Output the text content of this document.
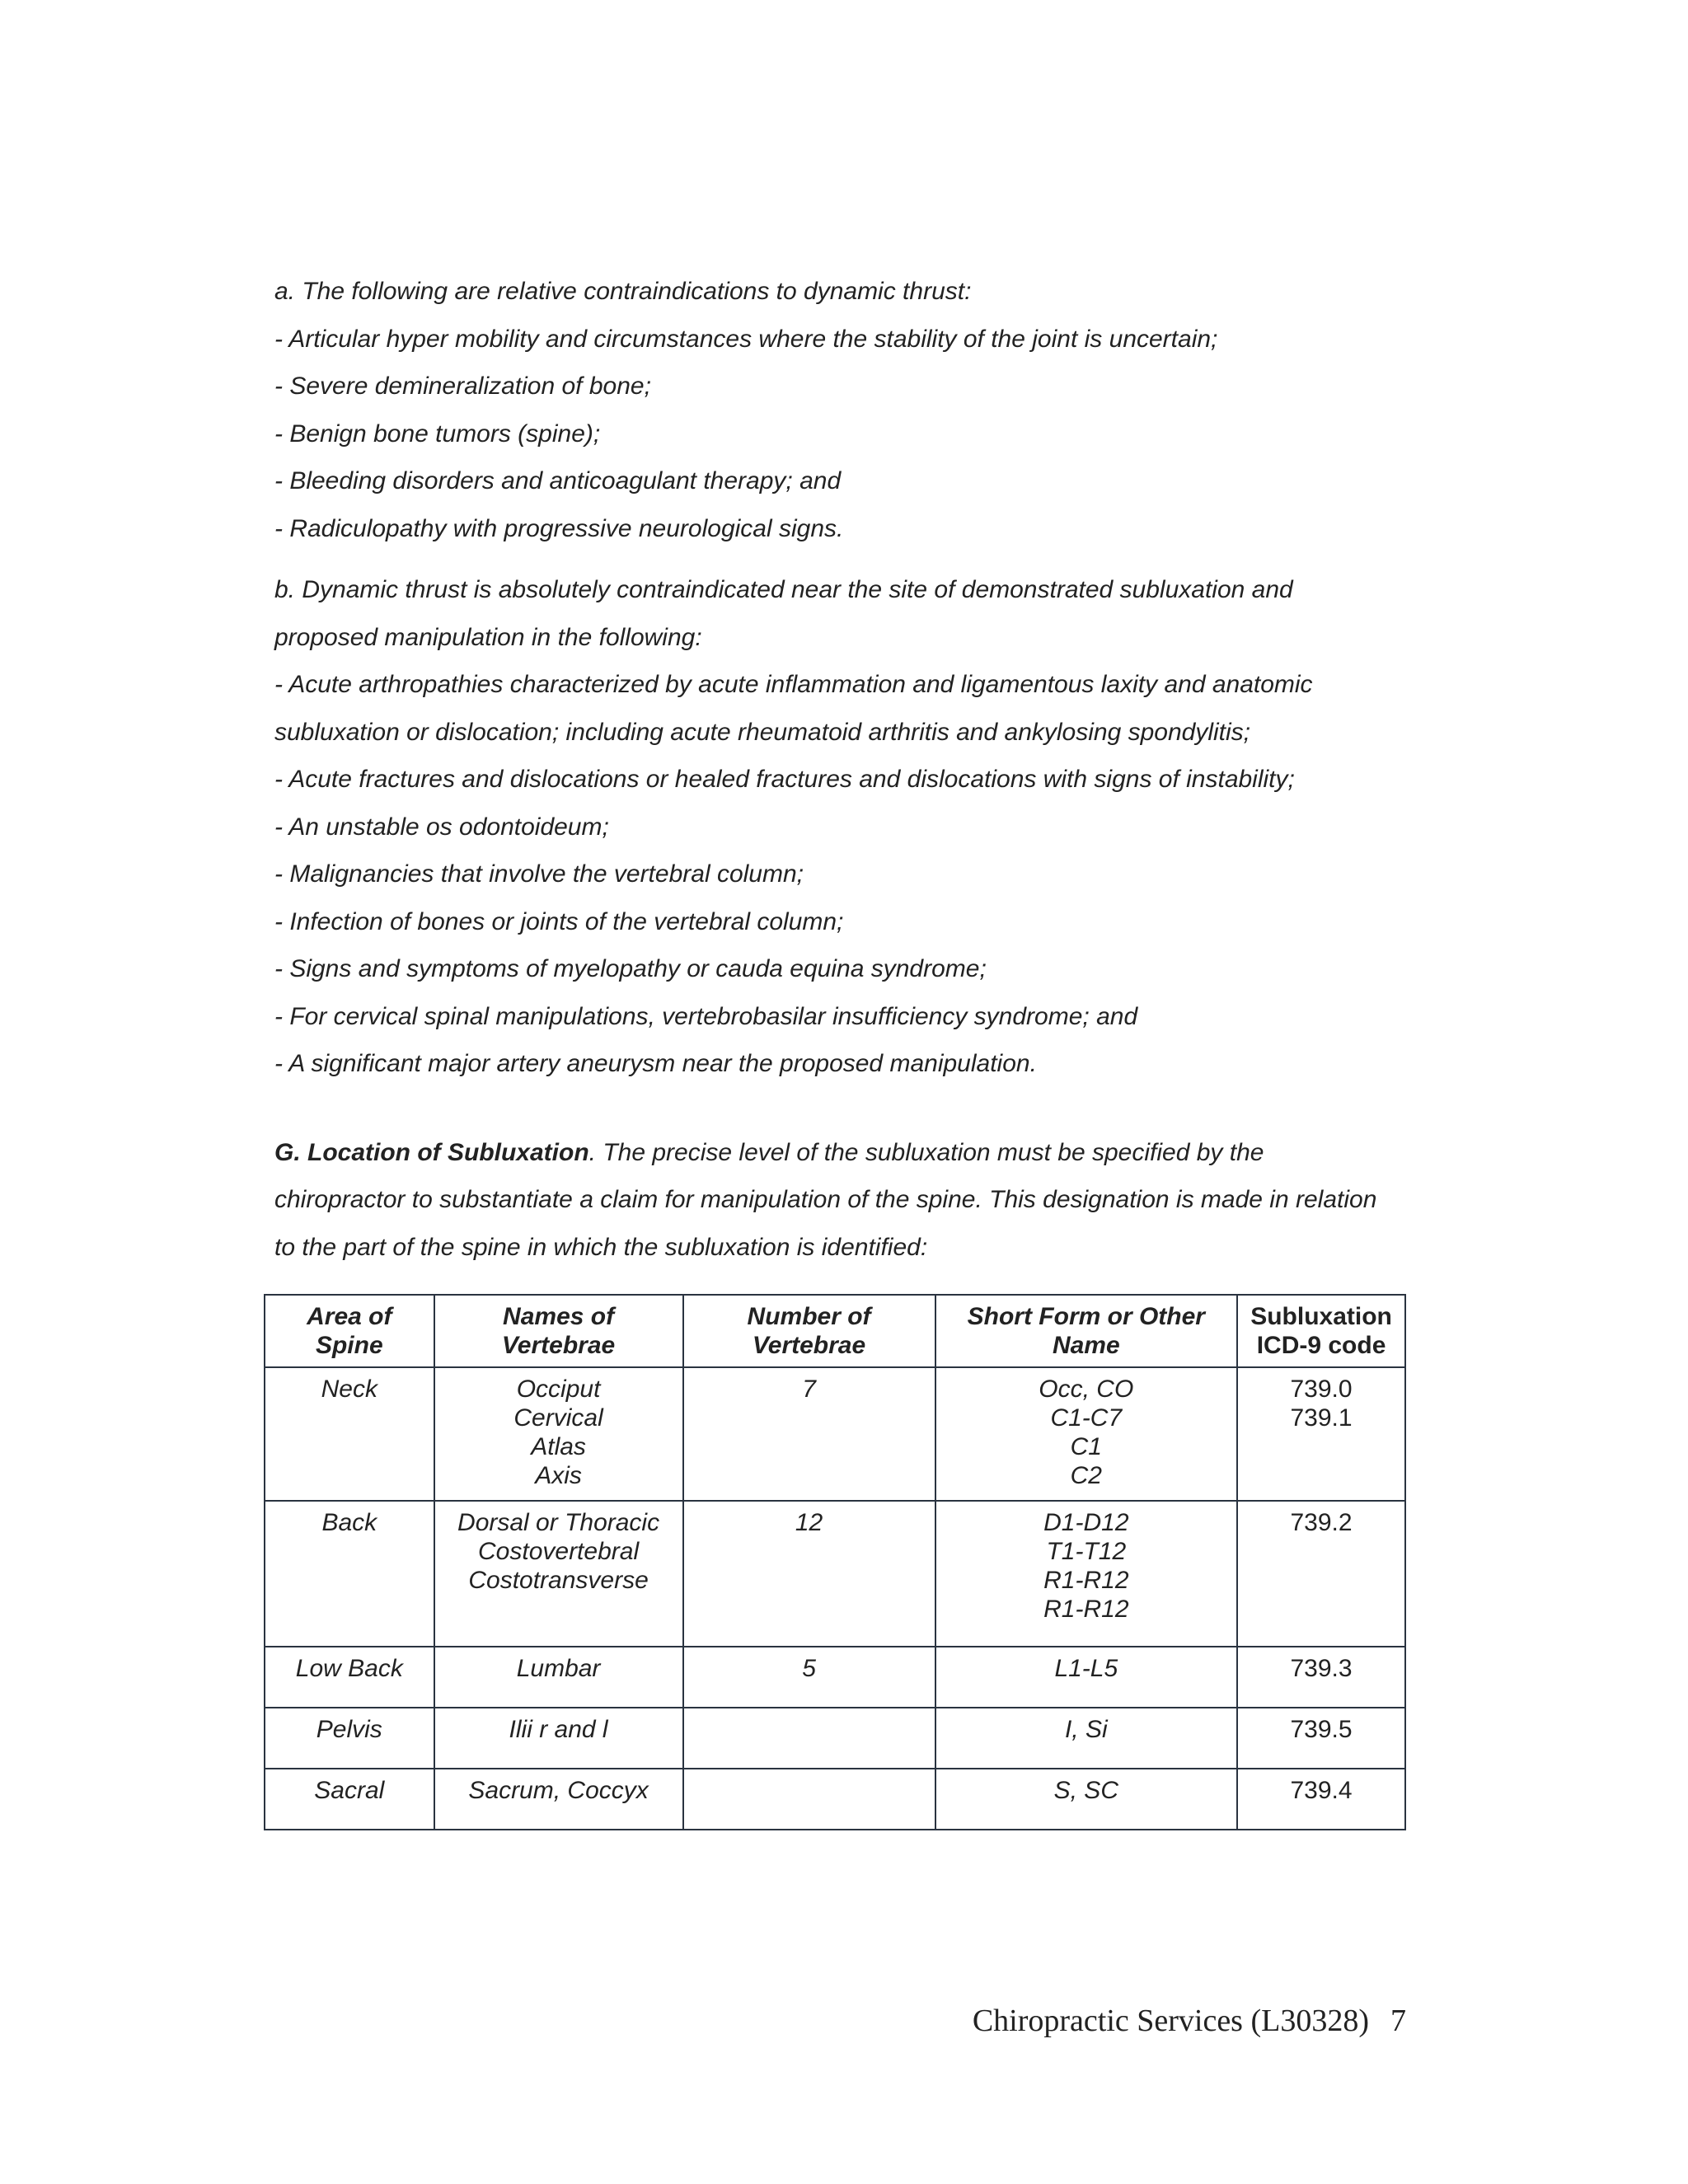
a. The following are relative contraindications to dynamic thrust:

- Articular hyper mobility and circumstances where the stability of the joint is uncertain;

- Severe demineralization of bone;

- Benign bone tumors (spine);

- Bleeding disorders and anticoagulant therapy; and

- Radiculopathy with progressive neurological signs.

b. Dynamic thrust is absolutely contraindicated near the site of demonstrated subluxation and

proposed manipulation in the following:

- Acute arthropathies characterized by acute inflammation and ligamentous laxity and anatomic

subluxation or dislocation; including acute rheumatoid arthritis and ankylosing spondylitis;

- Acute fractures and dislocations or healed fractures and dislocations with signs of instability;

- An unstable os odontoideum;

- Malignancies that involve the vertebral column;

- Infection of bones or joints of the vertebral column;

- Signs and symptoms of myelopathy or cauda equina syndrome;

- For cervical spinal manipulations, vertebrobasilar insufficiency syndrome; and

- A significant major artery aneurysm near the proposed manipulation.

G. Location of Subluxation. The precise level of the subluxation must be specified by the

chiropractor to substantiate a claim for manipulation of the spine. This designation is made in relation

to the part of the spine in which the subluxation is identified:

Area of
Spine	Names of
Vertebrae	Number of
Vertebrae	Short Form or Other
Name	Subluxation
ICD-9 code

Neck	Occiput
Cervical
Atlas
Axis	7	Occ, CO
C1-C7
C1
C2	739.0
739.1

Back	Dorsal or Thoracic
Costovertebral
Costotransverse	12	D1-D12
T1-T12
R1-R12
R1-R12	739.2

Low Back	Lumbar	5	L1-L5	739.3

Pelvis	Ilii r and l		I, Si	739.5

Sacral	Sacrum, Coccyx		S, SC	739.4
Chiropractic Services (L30328) 7
